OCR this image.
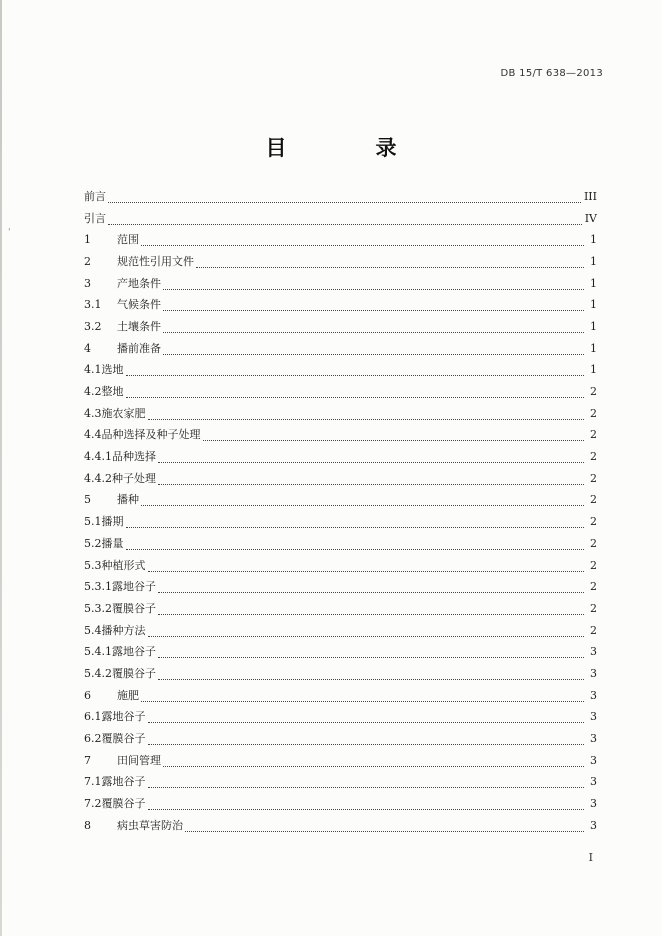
'
DB 15/T 638—2013
目　录
前言	III
引言	IV
1	范围	1
2	规范性引用文件	1
3	产地条件	1
3.1	气候条件	1
3.2	土壤条件	1
4	播前准备	1
4.1 选地	1
4.2 整地	2
4.3 施农家肥	2
4.4 品种选择及种子处理	2
4.4.1 品种选择	2
4.4.2 种子处理	2
5	播种	2
5.1 播期	2
5.2 播量	2
5.3 种植形式	2
5.3.1 露地谷子	2
5.3.2 覆膜谷子	2
5.4 播种方法	2
5.4.1 露地谷子	3
5.4.2 覆膜谷子	3
6	施肥	3
6.1 露地谷子	3
6.2 覆膜谷子	3
7	田间管理	3
7.1 露地谷子	3
7.2 覆膜谷子	3
8	病虫草害防治	3
I
